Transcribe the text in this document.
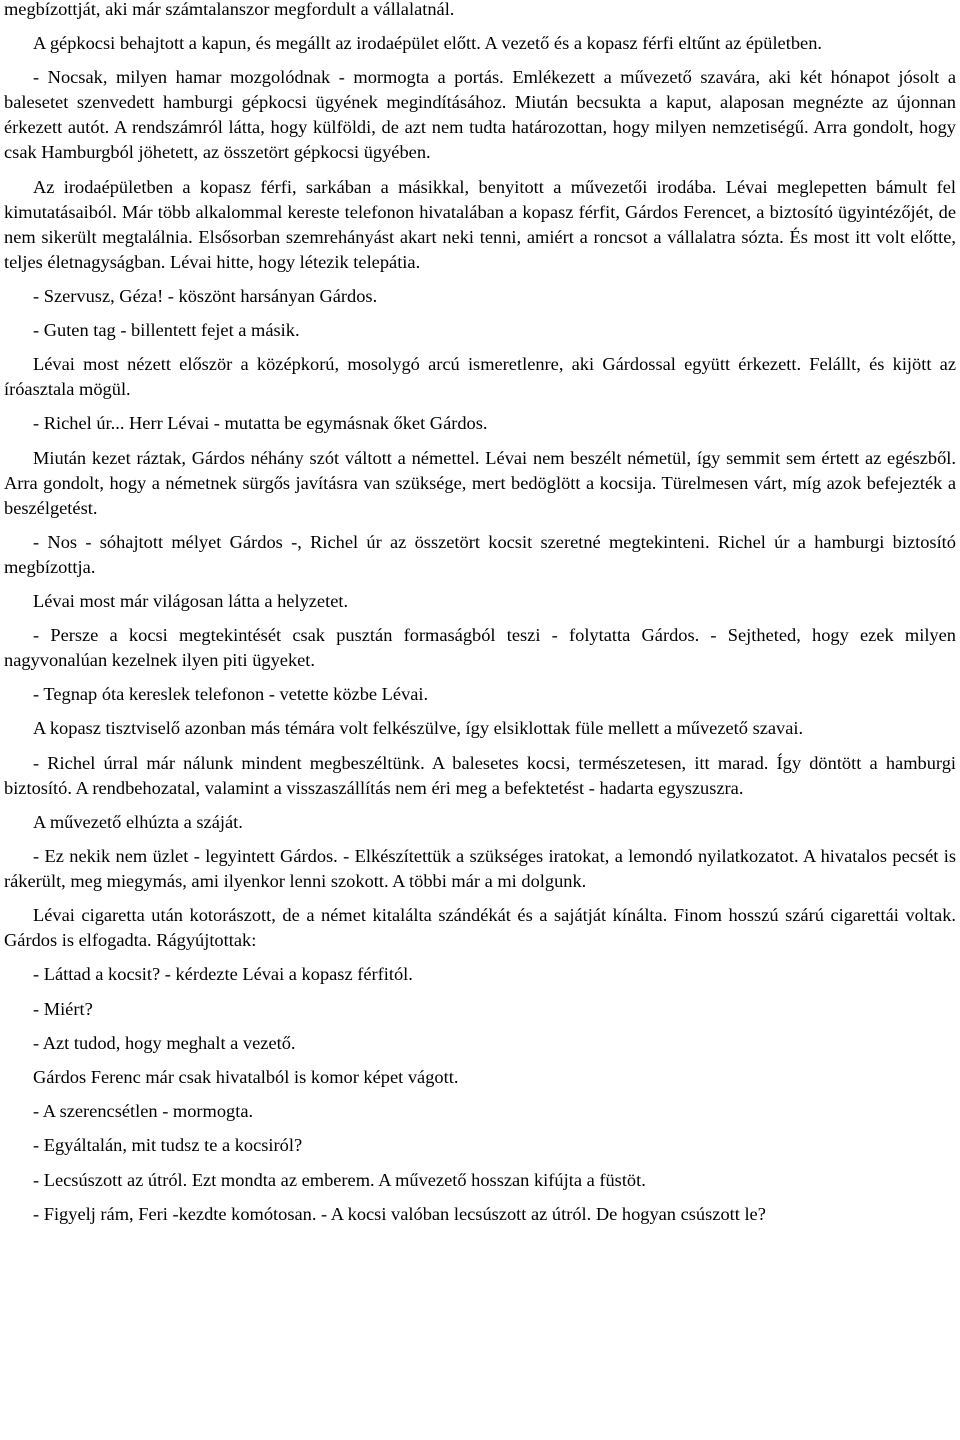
megbízottját, aki már számtalanszor megfordult a vállalatnál.

A gépkocsi behajtott a kapun, és megállt az irodaépület előtt. A vezető és a kopasz férfi eltűnt az épületben.

- Nocsak, milyen hamar mozgolódnak - mormogta a portás. Emlékezett a művezető szavára, aki két hónapot jósolt a balesetet szenvedett hamburgi gépkocsi ügyének megindításához. Miután becsukta a kaput, alaposan megnézte az újonnan érkezett autót. A rendszámról látta, hogy külföldi, de azt nem tudta határozottan, hogy milyen nemzetiségű. Arra gondolt, hogy csak Hamburgból jöhetett, az összetört gépkocsi ügyében.

Az irodaépületben a kopasz férfi, sarkában a másikkal, benyitott a művezetői irodába. Lévai meglepetten bámult fel kimutatásaiból. Már több alkalommal kereste telefonon hivatalában a kopasz férfit, Gárdos Ferencet, a biztosító ügyintézőjét, de nem sikerült megtalálnia. Elsősorban szemrehányást akart neki tenni, amiért a roncsot a vállalatra sózta. És most itt volt előtte, teljes életnagyságban. Lévai hitte, hogy létezik telepátia.

- Szervusz, Géza! - köszönt harsányan Gárdos.

- Guten tag - billentett fejet a másik.

Lévai most nézett először a középkorú, mosolygó arcú ismeretlenre, aki Gárdossal együtt érkezett. Felállt, és kijött az íróasztala mögül.

- Richel úr... Herr Lévai - mutatta be egymásnak őket Gárdos.

Miután kezet ráztak, Gárdos néhány szót váltott a némettel. Lévai nem beszélt németül, így semmit sem értett az egészből. Arra gondolt, hogy a németnek sürgős javításra van szüksége, mert bedöglött a kocsija. Türelmesen várt, míg azok befejezték a beszélgetést.

- Nos - sóhajtott mélyet Gárdos -, Richel úr az összetört kocsit szeretné megtekinteni. Richel úr a hamburgi biztosító megbízottja.

Lévai most már világosan látta a helyzetet.

- Persze a kocsi megtekintését csak pusztán formaságból teszi - folytatta Gárdos. - Sejtheted, hogy ezek milyen nagyvonalúan kezelnek ilyen piti ügyeket.

- Tegnap óta kereslek telefonon - vetette közbe Lévai.

A kopasz tisztviselő azonban más témára volt felkészülve, így elsiklottak füle mellett a művezető szavai.

- Richel úrral már nálunk mindent megbeszéltünk. A balesetes kocsi, természetesen, itt marad. Így döntött a hamburgi biztosító. A rendbehozatal, valamint a visszaszállítás nem éri meg a befektetést - hadarta egyszuszra.

A művezető elhúzta a száját.

- Ez nekik nem üzlet - legyintett Gárdos. - Elkészítettük a szükséges iratokat, a lemondó nyilatkozatot. A hivatalos pecsét is rákerült, meg miegymás, ami ilyenkor lenni szokott. A többi már a mi dolgunk.

Lévai cigaretta után kotorászott, de a német kitalálta szándékát és a sajátját kínálta. Finom hosszú szárú cigarettái voltak. Gárdos is elfogadta. Rágyújtottak:

- Láttad a kocsit? - kérdezte Lévai a kopasz férfitól.

- Miért?

- Azt tudod, hogy meghalt a vezető.

Gárdos Ferenc már csak hivatalból is komor képet vágott.

- A szerencsétlen - mormogta.

- Egyáltalán, mit tudsz te a kocsiról?

- Lecsúszott az útról. Ezt mondta az emberem. A művezető hosszan kifújta a füstöt.

- Figyelj rám, Feri -kezdte komótosan. - A kocsi valóban lecsúszott az útról. De hogyan csúszott le?
